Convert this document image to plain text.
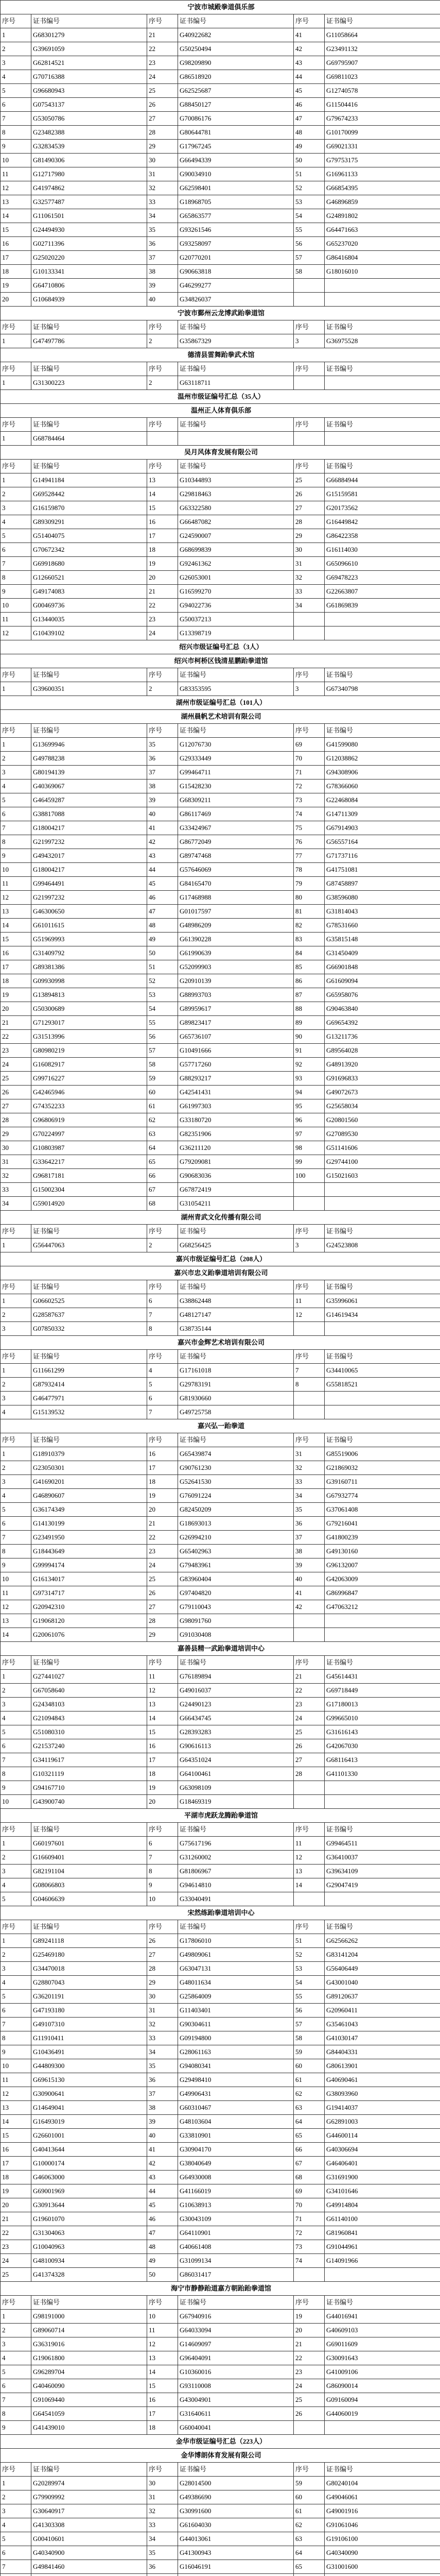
宁波市城殿拳道俱乐部					
序号	证书编号	序号	证书编号	序号	证书编号
1	G68301279	21	G40922682	41	G11058664
2	G39691059	22	G50250494	42	G23491132
3	G62814521	23	G98209890	43	G69795907
4	G70716388	24	G86518920	44	G69811023
5	G96680943	25	G62525687	45	G12740578
6	G07543137	26	G88450127	46	G11504416
7	G53050786	27	G70086176	47	G79674233
8	G23482388	28	G80644781	48	G10170099
9	G32834539	29	G17967245	49	G69021331
10	G81490306	30	G66494339	50	G79753175
11	G12717980	31	G90034910	51	G16961133
12	G41974862	32	G62598401	52	G66854395
13	G32577487	33	G18968705	53	G46896859
14	G11061501	34	G65863577	54	G24891802
15	G24494930	35	G93261546	55	G64471663
16	G02711396	36	G93258097	56	G65237020
17	G25020220	37	G20770201	57	G86416804
18	G10133341	38	G90663818	58	G18016010
19	G64710806	39	G46299277		
20	G10684939	40	G34826037		
宁波市鄞州云龙博武跆拳道馆					
序号	证书编号	序号	证书编号	序号	证书编号
1	G47497786	2	G35867329	3	G36975528
德清县雷舞跆拳武术馆					
序号	证书编号	序号	证书编号	序号	证书编号
1	G31300223	2	G63118711		
温州市级证编号汇总（35人）					
温州正人体育俱乐部					
序号	证书编号	序号	证书编号	序号	证书编号
1	G68784464				
吴月风体育发展有限公司					
序号	证书编号	序号	证书编号	序号	证书编号
1	G14941184	13	G10344893	25	G66884944
2	G69528442	14	G29818463	26	G15159581
3	G16159870	15	G63322580	27	G20173562
4	G89309291	16	G66487082	28	G16449842
5	G51404075	17	G24590007	29	G86422358
6	G70672342	18	G68699839	30	G16114030
7	G69918680	19	G92461362	31	G65096610
8	G12660521	20	G26053001	32	G69478223
9	G49174083	21	G16599270	33	G22663807
10	G00469736	22	G94022736	34	G61869839
11	G13440035	23	G50037213		
12	G10439102	24	G13398719		
绍兴市级证编号汇总（3人）					
绍兴市柯桥区钱清星鹏跆拳道馆					
序号	证书编号	序号	证书编号	序号	证书编号
1	G39600351	2	G83353595	3	G67340798
湖州市级证编号汇总（101人）					
湖州晨帆艺术培训有限公司					
序号	证书编号	序号	证书编号	序号	证书编号
1	G13699946	35	G12076730	69	G41599080
2	G49788238	36	G29333449	70	G12038862
3	G80194139	37	G99464711	71	G94308906
4	G40369067	38	G15428230	72	G78366060
5	G46459287	39	G68309211	73	G22468084
6	G38817088	40	G86117469	74	G14711309
7	G18004217	41	G33424967	75	G67914903
8	G21997232	42	G86772049	76	G56557164
9	G49432017	43	G89747468	77	G71737116
10	G18004217	44	G57646069	78	G41751081
11	G99464491	45	G84165470	79	G87458897
12	G21997232	46	G17468988	80	G38596080
13	G46300650	47	G01017597	81	G31814043
14	G61011615	48	G48986209	82	G78531660
15	G51969993	49	G61390228	83	G35815148
16	G31409792	50	G61990639	84	G31450409
17	G89381386	51	G52099903	85	G66901848
18	G09930998	52	G20910139	86	G61609094
19	G13894813	53	G88993703	87	G65958076
20	G50300689	54	G89959617	88	G90463840
21	G71293017	55	G89823417	89	G69654392
22	G31513996	56	G65736107	90	G13211736
23	G80980219	57	G10491666	91	G89564028
24	G16082917	58	G57717260	92	G48913920
25	G99716227	59	G88293217	93	G91696833
26	G42465946	60	G42541431	94	G49072673
27	G74352233	61	G61997303	95	G25658034
28	G96806919	62	G33180720	96	G20801560
29	G70224997	63	G82351906	97	G27089530
30	G10803987	64	G36211120	98	G51141606
31	G33642217	65	G79209081	99	G29744100
32	G96817181	66	G90683036	100	G15021603
33	G15002304	67	G67872419		
34	G59014920	68	G31054211		
湖州青武文化传播有限公司					
序号	证书编号	序号	证书编号	序号	证书编号
1	G56447063	2	G68256425	3	G24523808
嘉兴市级证编号汇总（208人）					
嘉兴市忠义跆拳道培训有限公司					
序号	证书编号	序号	证书编号	序号	证书编号
1	G06602525	6	G38862448	11	G35996061
2	G28587637	7	G48127147	12	G14619434
3	G07850332	8	G38735144		
嘉兴市金辉艺术培训有限公司					
序号	证书编号	序号	证书编号	序号	证书编号
1	G11661299	4	G17161018	7	G34410065
2	G87932414	5	G29783191	8	G55818521
3	G46477971	6	G81930660		
4	G15139532	7	G49725758		
嘉兴弘一跆拳道					
序号	证书编号	序号	证书编号	序号	证书编号
1	G18910379	16	G65439874	31	G85519006
2	G23050301	17	G90761230	32	G21869032
3	G41690201	18	G52641530	33	G39160711
4	G46890607	19	G76091224	34	G67932774
5	G36174349	20	G82450209	35	G37061408
6	G14130199	21	G18693013	36	G79216041
7	G23491950	22	G26994210	37	G41800239
8	G18443649	23	G65402963	38	G49130160
9	G99994174	24	G79483961	39	G96132007
10	G16134017	25	G83960404	40	G42063009
11	G97314717	26	G97404820	41	G86996847
12	G20942310	27	G79110043	42	G47063212
13	G19068120	28	G98091760		
14	G20061076	29	G91030408		
嘉善县精一武跆拳道培训中心					
序号	证书编号	序号	证书编号	序号	证书编号
1	G27441027	11	G76189894	21	G45614431
2	G67058640	12	G49016037	22	G69718449
3	G24348103	13	G24490123	23	G17180013
4	G21094843	14	G66434745	24	G99665010
5	G51080310	15	G28393283	25	G31616143
6	G21537240	16	G90616113	26	G42067030
7	G34119617	17	G64351024	27	G68116413
8	G10321119	18	G64100461	28	G41101330
9	G94167710	19	G63098109		
10	G43900740	20	G18469319		
平湖市虎跃龙腾跆拳道馆					
序号	证书编号	序号	证书编号	序号	证书编号
1	G60197601	6	G75617196	11	G99464511
2	G16609401	7	G31260002	12	G36410037
3	G82191104	8	G81806967	13	G39634109
4	G08066803	9	G94614810	14	G29047419
5	G04606639	10	G33040491		
宋然练跆拳道培训中心					
序号	证书编号	序号	证书编号	序号	证书编号
1	G89241118	26	G17806010	51	G62566262
2	G25469180	27	G49809061	52	G83141204
3	G34470018	28	G63047131	53	G56406449
4	G28807043	29	G48011634	54	G43001040
5	G36201191	30	G25864009	55	G89120637
6	G47193180	31	G11403401	56	G20960411
7	G49107310	32	G90304611	57	G35461043
8	G11910411	33	G09194800	58	G41030147
9	G10436491	34	G28061163	59	G84404331
10	G44809300	35	G94080341	60	G80613901
11	G69615130	36	G29498410	61	G40690461
12	G30900641	37	G49906431	62	G38093960
13	G14649041	38	G60310467	63	G19414037
14	G16493019	39	G48103604	64	G62891003
15	G26601001	40	G33810901	65	G44600114
16	G40413644	41	G30904170	66	G40306694
17	G10000174	42	G38040649	67	G46406401
18	G46063000	43	G64930008	68	G31691900
19	G69001969	44	G41166019	69	G34101646
20	G30913644	45	G10638913	70	G49914804
21	G19601070	46	G30043109	71	G61140100
22	G31304063	47	G64110901	72	G81960841
23	G10040963	48	G40661408	73	G91044961
24	G48100934	49	G31099134	74	G14091966
25	G41374328	50	G86031417		
海宁市静静跆道嘉方朝跆跆拳道馆					
序号	证书编号	序号	证书编号	序号	证书编号
1	G98191000	10	G67940916	19	G44016941
2	G89060714	11	G64033094	20	G40609103
3	G36319016	12	G14609097	21	G69011609
4	G19061800	13	G96404091	22	G30091643
5	G96289704	14	G10360016	23	G41009106
6	G40460090	15	G93110008	24	G86090014
7	G91069440	16	G43004901	25	G09160094
8	G64541059	17	G31640611	26	G44060019
9	G41439010	18	G60040041		
金华市级证编号汇总（223人）					
金华博朗体育发展有限公司					
序号	证书编号	序号	证书编号	序号	证书编号
1	G20289974	30	G28014500	59	G80240104
2	G79909992	31	G49386690	60	G49046061
3	G30640917	32	G30991600	61	G49001916
4	G41303308	33	G61604030	62	G91061046
5	G00410601	34	G44013061	63	G19106100
6	G40340900	35	G41300943	64	G40340090
7	G49841460	36	G16046191	65	G31001600
